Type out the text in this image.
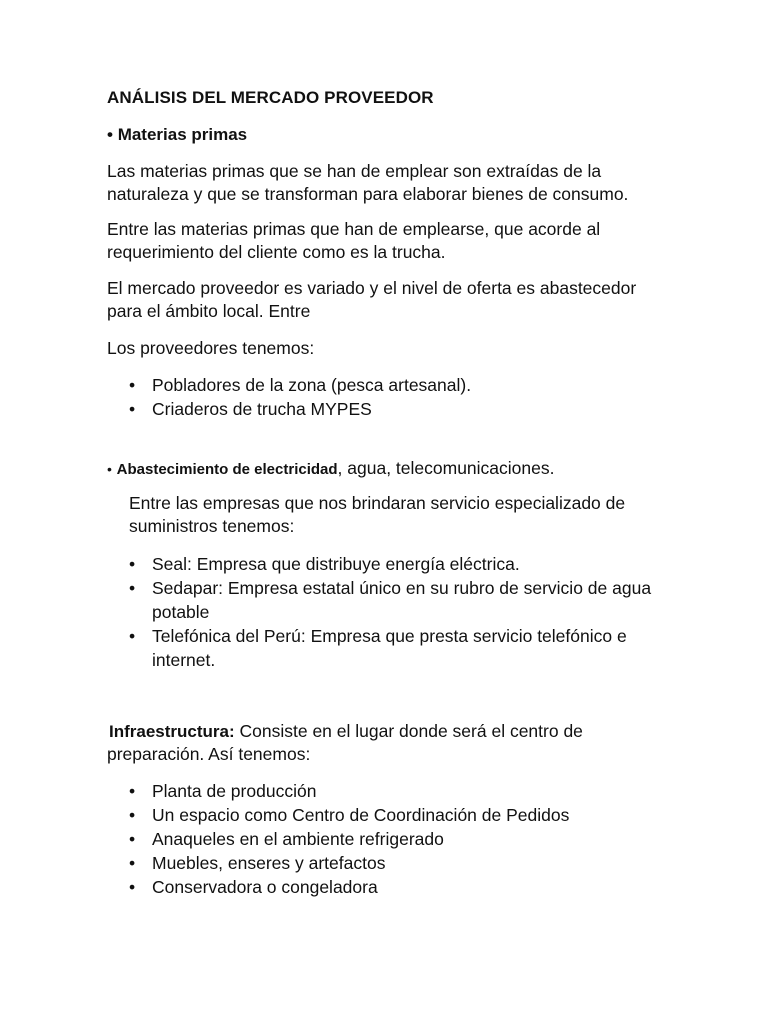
ANÁLISIS DEL MERCADO PROVEEDOR
• Materias primas
Las materias primas que se han de emplear son extraídas de la
naturaleza y que se transforman para elaborar bienes de consumo.
Entre las materias primas que han de emplearse, que acorde al
requerimiento del cliente como es la trucha.
El mercado proveedor es variado y el nivel de oferta es abastecedor
para el ámbito local. Entre
Los proveedores tenemos:
• Pobladores de la zona (pesca artesanal).
• Criaderos de trucha MYPES
• Abastecimiento de electricidad, agua, telecomunicaciones.
Entre las empresas que nos brindaran servicio especializado de
suministros tenemos:
• Seal: Empresa que distribuye energía eléctrica.
• Sedapar: Empresa estatal único en su rubro de servicio de agua
potable
• Telefónica del Perú: Empresa que presta servicio telefónico e
internet.
Infraestructura: Consiste en el lugar donde será el centro de
preparación. Así tenemos:
• Planta de producción
• Un espacio como Centro de Coordinación de Pedidos
• Anaqueles en el ambiente refrigerado
• Muebles, enseres y artefactos
• Conservadora o congeladora
